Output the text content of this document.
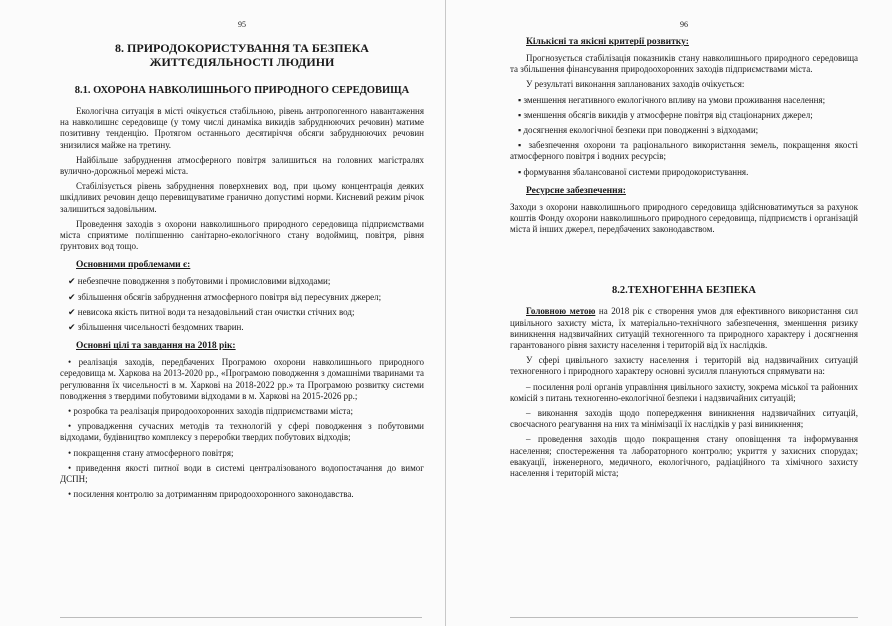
95
8. ПРИРОДОКОРИСТУВАННЯ ТА БЕЗПЕКА
ЖИТТЄДІЯЛЬНОСТІ ЛЮДИНИ
8.1. ОХОРОНА НАВКОЛИШНЬОГО ПРИРОДНОГО СЕРЕДОВИЩА

Екологічна ситуація в місті очікується стабільною, рівень антропогенного навантаження на навколишнє середовище (у тому числі динаміка викидів забруднюючих речовин) матиме позитивну тенденцію. Протягом останнього десятиріччя обсяги забруднюючих речовин знизилися майже на третину.

Найбільше забруднення атмосферного повітря залишиться на головних магістралях вулично-дорожньої мережі міста.

Стабілізується рівень забруднення поверхневих вод, при цьому концентрація деяких шкідливих речовин дещо перевищуватиме гранично допустимі норми. Кисневий режим річок залишиться задовільним.

Проведення заходів з охорони навколишнього природного середовища підприємствами міста сприятиме поліпшенню санітарно-екологічного стану водоймищ, повітря, рівня ґрунтових вод тощо.

Основними проблемами є:

✔ небезпечне поводження з побутовими і промисловими відходами;

✔ збільшення обсягів забруднення атмосферного повітря від пересувних джерел;

✔ невисока якість питної води та незадовільний стан очистки стічних вод;

✔ збільшення чисельності бездомних тварин.

Основні цілі та завдання на 2018 рік:

• реалізація заходів, передбачених Програмою охорони навколишнього природного середовища м. Харкова на 2013-2020 рр., «Програмою поводження з домашніми тваринами та регулювання їх чисельності в м. Харкові на 2018-2022 рр.» та Програмою розвитку системи поводження з твердими побутовими відходами в м. Харкові на 2015-2026 рр.;

• розробка та реалізація природоохоронних заходів підприємствами міста;

• упровадження сучасних методів та технологій у сфері поводження з побутовими відходами, будівництво комплексу з переробки твердих побутових відходів;

• покращення стану атмосферного повітря;

• приведення якості питної води в системі централізованого водопостачання до вимог ДСПН;

• посилення контролю за дотриманням природоохоронного законодавства.

96
Кількісні та якісні критерії розвитку:

Прогнозується стабілізація показників стану навколишнього природного середовища та збільшення фінансування природоохоронних заходів підприємствами міста.

У результаті виконання запланованих заходів очікується:

▪ зменшення негативного екологічного впливу на умови проживання населення;

▪ зменшення обсягів викидів у атмосферне повітря від стаціонарних джерел;

▪ досягнення екологічної безпеки при поводженні з відходами;

▪ забезпечення охорони та раціонального використання земель, покращення якості атмосферного повітря і водних ресурсів;

▪ формування збалансованої системи природокористування.

Ресурсне забезпечення:

Заходи з охорони навколишнього природного середовища здійснюватимуться за рахунок коштів Фонду охорони навколишнього природного середовища, підприємств і організацій міста й інших джерел, передбачених законодавством.

8.2.ТЕХНОГЕННА БЕЗПЕКА

Головною метою на 2018 рік є створення умов для ефективного використання сил цивільного захисту міста, їх матеріально-технічного забезпечення, зменшення ризику виникнення надзвичайних ситуацій техногенного та природного характеру і досягнення гарантованого рівня захисту населення і територій від їх наслідків.

У сфері цивільного захисту населення і територій від надзвичайних ситуацій техногенного і природного характеру основні зусилля плануються спрямувати на:

– посилення ролі органів управління цивільного захисту, зокрема міської та районних комісій з питань техногенно-екологічної безпеки і надзвичайних ситуацій;

– виконання заходів щодо попередження виникнення надзвичайних ситуацій, своєчасного реагування на них та мінімізації їх наслідків у разі виникнення;

– проведення заходів щодо покращення стану оповіщення та інформування населення; спостереження та лабораторного контролю; укриття у захисних спорудах; евакуації, інженерного, медичного, екологічного, радіаційного та хімічного захисту населення і територій міста;
